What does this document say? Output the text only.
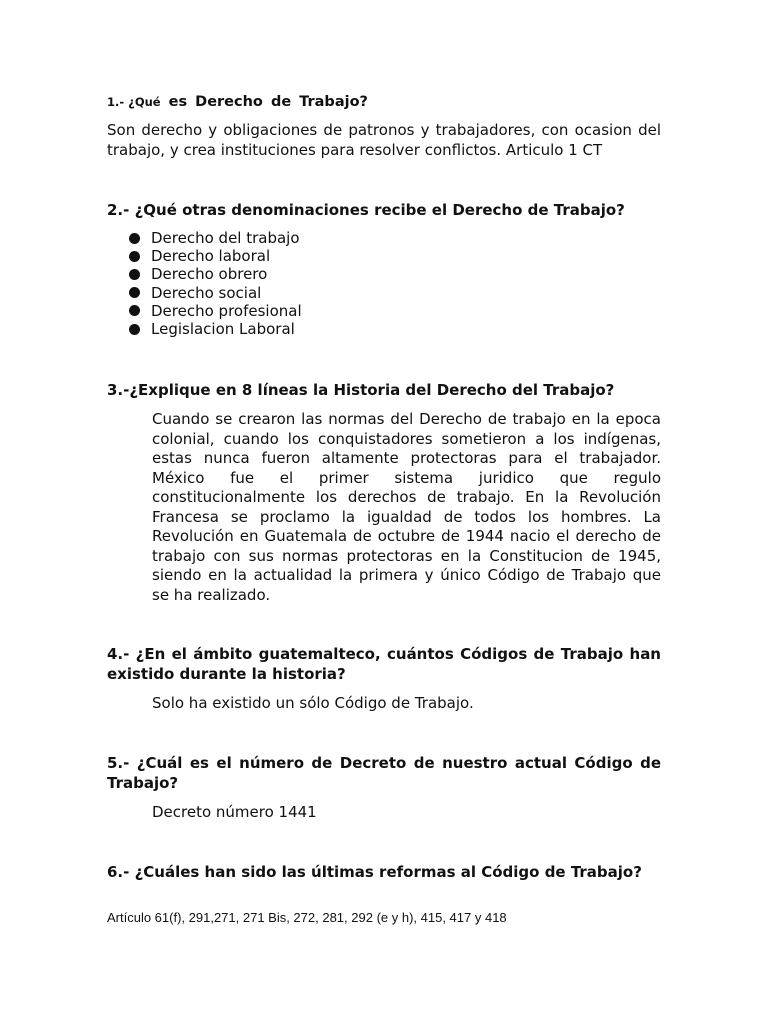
1.- ¿Qué es Derecho de Trabajo?

Son derecho y obligaciones de patronos y trabajadores, con ocasion del trabajo, y crea instituciones para resolver conflictos. Articulo 1 CT

2.- ¿Qué otras denominaciones recibe el Derecho de Trabajo?

Derecho del trabajo
Derecho laboral
Derecho obrero
Derecho social
Derecho profesional
Legislacion Laboral

3.-¿Explique en 8 líneas la Historia del Derecho del Trabajo?

Cuando se crearon las normas del Derecho de trabajo en la epoca colonial, cuando los conquistadores sometieron a los indígenas, estas nunca fueron altamente protectoras para el trabajador. México fue el primer sistema juridico que regulo constitucionalmente los derechos de trabajo. En la Revolución Francesa se proclamo la igualdad de todos los hombres. La Revolución en Guatemala de octubre de 1944 nacio el derecho de trabajo con sus normas protectoras en la Constitucion de 1945, siendo en la actualidad la primera y único Código de Trabajo que se ha realizado.

4.- ¿En el ámbito guatemalteco, cuántos Códigos de Trabajo han existido durante la historia?

Solo ha existido un sólo Código de Trabajo.

5.- ¿Cuál es el número de Decreto de nuestro actual Código de Trabajo?

Decreto número 1441

6.- ¿Cuáles han sido las últimas reformas al Código de Trabajo?

Artículo 61(f), 291,271, 271 Bis, 272, 281, 292 (e y h), 415, 417 y 418
